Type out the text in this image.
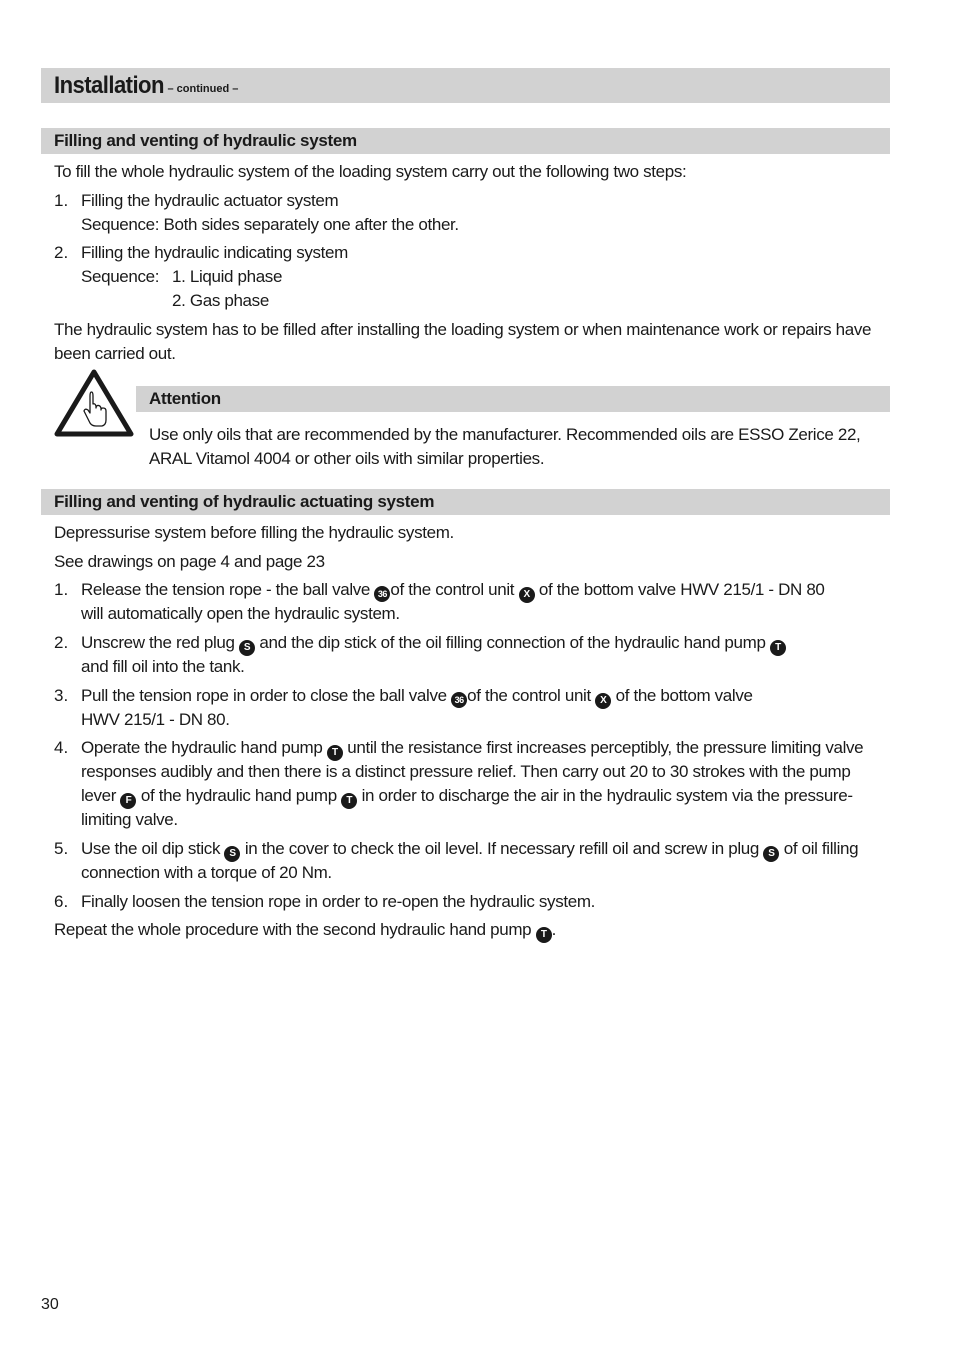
Installation – continued –
Filling and venting of hydraulic system
To fill the whole hydraulic system of the loading system carry out the following two steps:
1. Filling the hydraulic actuator system
Sequence: Both sides separately one after the other.
2. Filling the hydraulic indicating system
Sequence: 1. Liquid phase
2. Gas phase
The hydraulic system has to be filled after installing the loading system or when maintenance work or repairs have
been carried out.
Attention
Use only oils that are recommended by the manufacturer. Recommended oils are ESSO Zerice 22,
ARAL Vitamol 4004 or other oils with similar properties.
Filling and venting of hydraulic actuating system
Depressurise system before filling the hydraulic system.
See drawings on page 4 and page 23
1. Release the tension rope - the ball valve 36 of the control unit X of the bottom valve HWV 215/1 - DN 80
will automatically open the hydraulic system.
2. Unscrew the red plug S and the dip stick of the oil filling connection of the hydraulic hand pump T
and fill oil into the tank.
3. Pull the tension rope in order to close the ball valve 36 of the control unit X of the bottom valve
HWV 215/1 - DN 80.
4. Operate the hydraulic hand pump T until the resistance first increases perceptibly, the pressure limiting valve
responses audibly and then there is a distinct pressure relief. Then carry out 20 to 30 strokes with the pump
lever F of the hydraulic hand pump T in order to discharge the air in the hydraulic system via the pressure-
limiting valve.
5. Use the oil dip stick S in the cover to check the oil level. If necessary refill oil and screw in plug S of oil filling
connection with a torque of 20 Nm.
6. Finally loosen the tension rope in order to re-open the hydraulic system.
Repeat the whole procedure with the second hydraulic hand pump T .
30
